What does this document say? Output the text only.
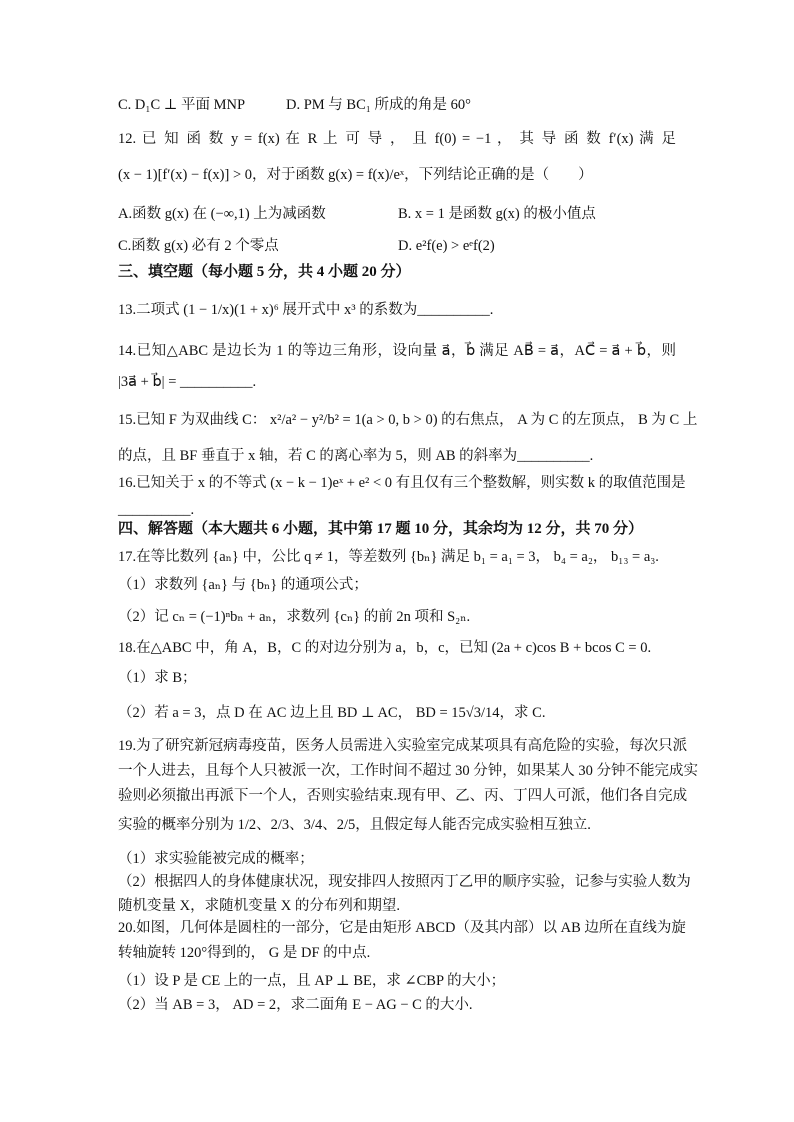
C. D₁C ⊥ 平面 MNP	D. PM 与 BC₁ 所成的角是 60°
12. 已 知 函 数 y = f(x) 在 R 上 可 导 ， 且 f(0) = −1 ， 其 导 函 数 f′(x) 满 足
(x − 1)[f′(x) − f(x)] > 0，对于函数 g(x) = f(x)/eˣ，下列结论正确的是（　　）
A.函数 g(x) 在 (−∞,1) 上为减函数	B. x = 1 是函数 g(x) 的极小值点
C.函数 g(x) 必有 2 个零点	D. e²f(e) > eᵉf(2)
三、填空题（每小题 5 分，共 4 小题 20 分）
13.二项式 (1 − 1/x)(1 + x)⁶ 展开式中 x³ 的系数为__________.
14.已知△ABC 是边长为 1 的等边三角形，设向量 a⃗，b⃗ 满足 AB⃗ = a⃗，AC⃗ = a⃗ + b⃗，则
|3a⃗ + b⃗| = __________.
15.已知 F 为双曲线 C： x²/a² − y²/b² = 1(a > 0, b > 0) 的右焦点， A 为 C 的左顶点， B 为 C 上
的点，且 BF 垂直于 x 轴，若 C 的离心率为 5，则 AB 的斜率为__________.
16.已知关于 x 的不等式 (x − k − 1)eˣ + e² < 0 有且仅有三个整数解，则实数 k 的取值范围是
__________.
四、解答题（本大题共 6 小题，其中第 17 题 10 分，其余均为 12 分，共 70 分）
17.在等比数列 {aₙ} 中，公比 q ≠ 1，等差数列 {bₙ} 满足 b₁ = a₁ = 3， b₄ = a₂， b₁₃ = a₃.
（1）求数列 {aₙ} 与 {bₙ} 的通项公式；
（2）记 cₙ = (−1)ⁿbₙ + aₙ，求数列 {cₙ} 的前 2n 项和 S₂ₙ.
18.在△ABC 中，角 A，B，C 的对边分别为 a，b，c，已知 (2a + c)cos B + bcos C = 0.
（1）求 B；
（2）若 a = 3，点 D 在 AC 边上且 BD ⊥ AC， BD = 15√3/14，求 C.
19.为了研究新冠病毒疫苗，医务人员需进入实验室完成某项具有高危险的实验，每次只派
一个人进去，且每个人只被派一次，工作时间不超过 30 分钟，如果某人 30 分钟不能完成实
验则必须撤出再派下一个人，否则实验结束.现有甲、乙、丙、丁四人可派，他们各自完成
实验的概率分别为 1/2、2/3、3/4、2/5，且假定每人能否完成实验相互独立.
（1）求实验能被完成的概率；
（2）根据四人的身体健康状况，现安排四人按照丙丁乙甲的顺序实验，记参与实验人数为
随机变量 X，求随机变量 X 的分布列和期望.
20.如图，几何体是圆柱的一部分，它是由矩形 ABCD（及其内部）以 AB 边所在直线为旋
转轴旋转 120°得到的， G 是 DF 的中点.
（1）设 P 是 CE 上的一点，且 AP ⊥ BE，求 ∠CBP 的大小；
（2）当 AB = 3， AD = 2，求二面角 E − AG − C 的大小.
